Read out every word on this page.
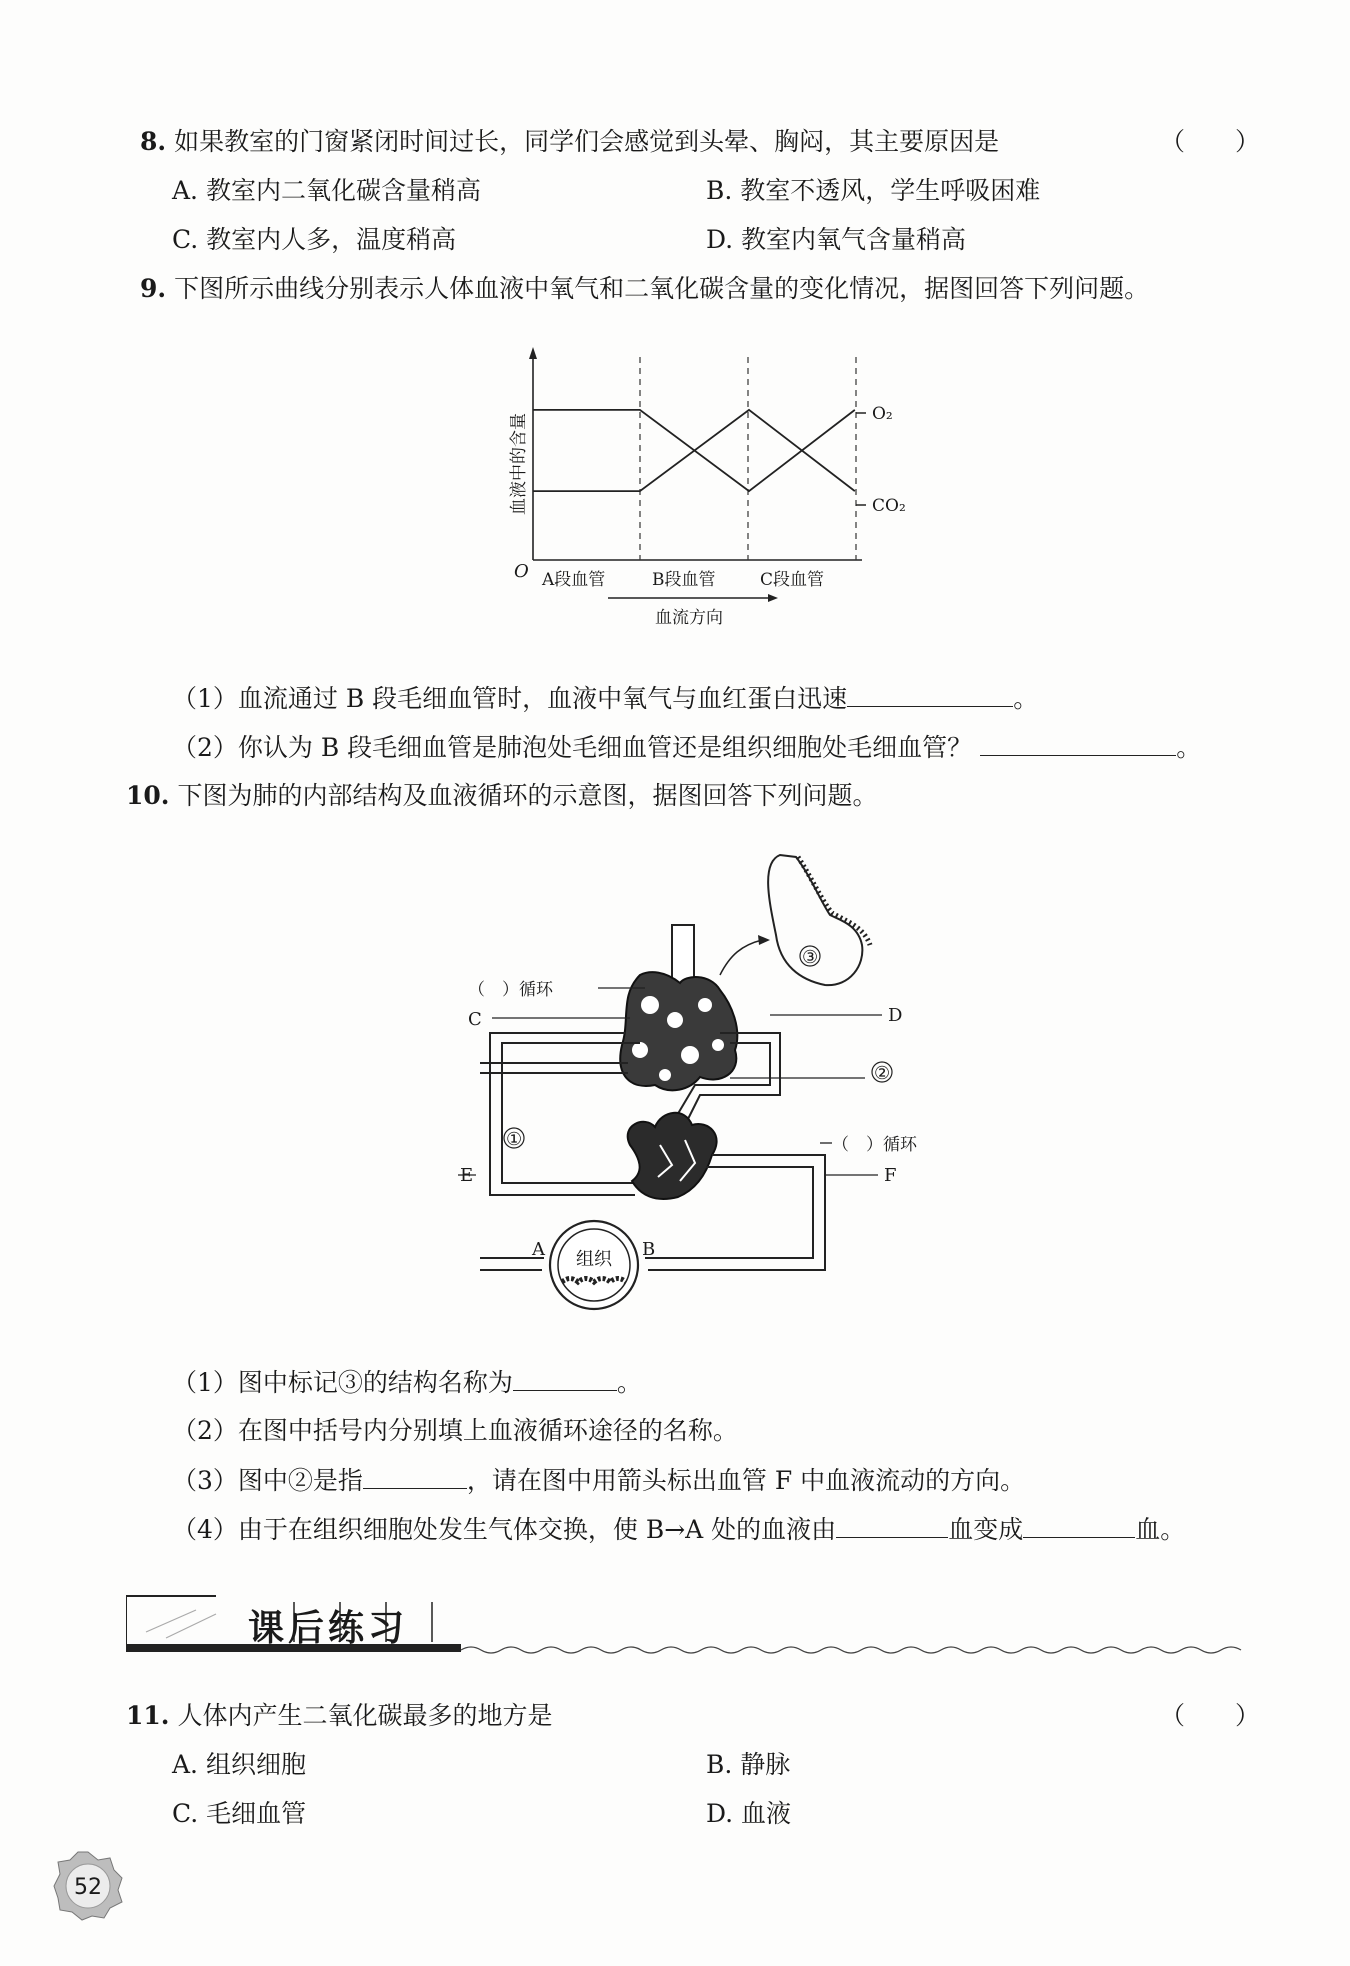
8. 如果教室的门窗紧闭时间过长，同学们会感觉到头晕、胸闷，其主要原因是	（　　）
A. 教室内二氧化碳含量稍高	B. 教室不透风，学生呼吸困难
C. 教室内人多，温度稍高	D. 教室内氧气含量稍高
9. 下图所示曲线分别表示人体血液中氧气和二氧化碳含量的变化情况，据图回答下列问题。
O₂
CO₂
血液中的含量
O A段血管	B段血管	C段血管
血流方向
（1）血流通过 B 段毛细血管时，血液中氧气与血红蛋白迅速	。
（2）你认为 B 段毛细血管是肺泡处毛细血管还是组织细胞处毛细血管？	。
10. 下图为肺的内部结构及血液循环的示意图，据图回答下列问题。
③
①
组织
A	B
（　）循环
C	D
②
（　）循环
E	F
（1）图中标记③的结构名称为	。
（2）在图中括号内分别填上血液循环途径的名称。
（3）图中②是指	，请在图中用箭头标出血管 F 中血液流动的方向。
（4）由于在组织细胞处发生气体交换，使 B→A 处的血液由	血变成	血。
课后练习
11. 人体内产生二氧化碳最多的地方是	（　　）
A. 组织细胞	B. 静脉
C. 毛细血管	D. 血液
52
